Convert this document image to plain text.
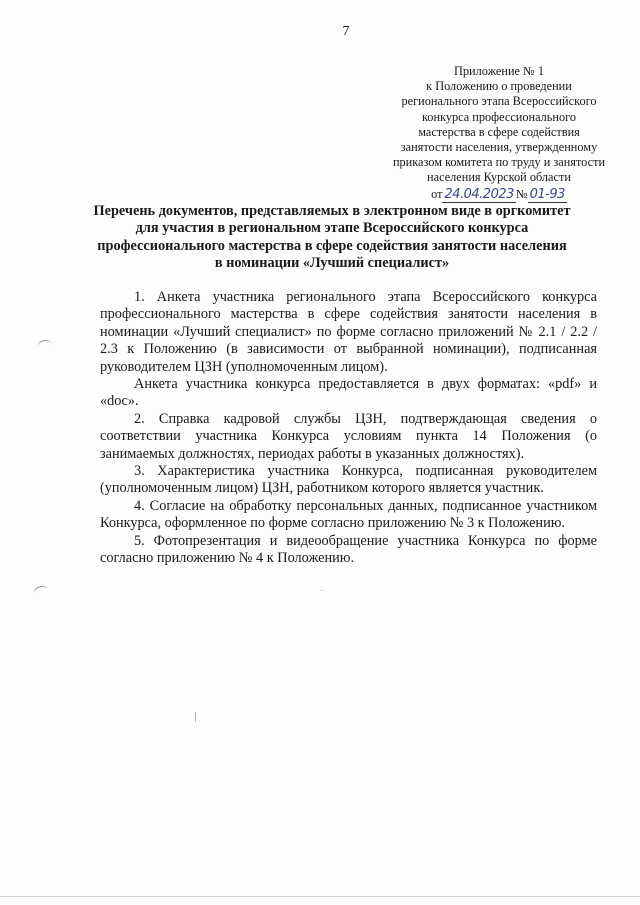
7
Приложение № 1
к Положению о проведении
регионального этапа Всероссийского
конкурса профессионального
мастерства в сфере содействия
занятости населения, утвержденному
приказом комитета по труду и занятости
населения Курской области
от 24.04.2023 № 01-93
Перечень документов, представляемых в электронном виде в оргкомитет
для участия в региональном этапе Всероссийского конкурса
профессионального мастерства в сфере содействия занятости населения
в номинации «Лучший специалист»

1. Анкета участника регионального этапа Всероссийского конкурса профессионального мастерства в сфере содействия занятости населения в номинации «Лучший специалист» по форме согласно приложений № 2.1 / 2.2 / 2.3 к Положению (в зависимости от выбранной номинации), подписанная руководителем ЦЗН (уполномоченным лицом).

Анкета участника конкурса предоставляется в двух форматах: «pdf» и «doc».

2. Справка кадровой службы ЦЗН, подтверждающая сведения о соответствии участника Конкурса условиям пункта 14 Положения (о занимаемых должностях, периодах работы в указанных должностях).

3. Характеристика участника Конкурса, подписанная руководителем (уполномоченным лицом) ЦЗН, работником которого является участник.

4. Согласие на обработку персональных данных, подписанное участником Конкурса, оформленное по форме согласно приложению № 3 к Положению.

5. Фотопрезентация и видеообращение участника Конкурса по форме согласно приложению № 4 к Положению.
